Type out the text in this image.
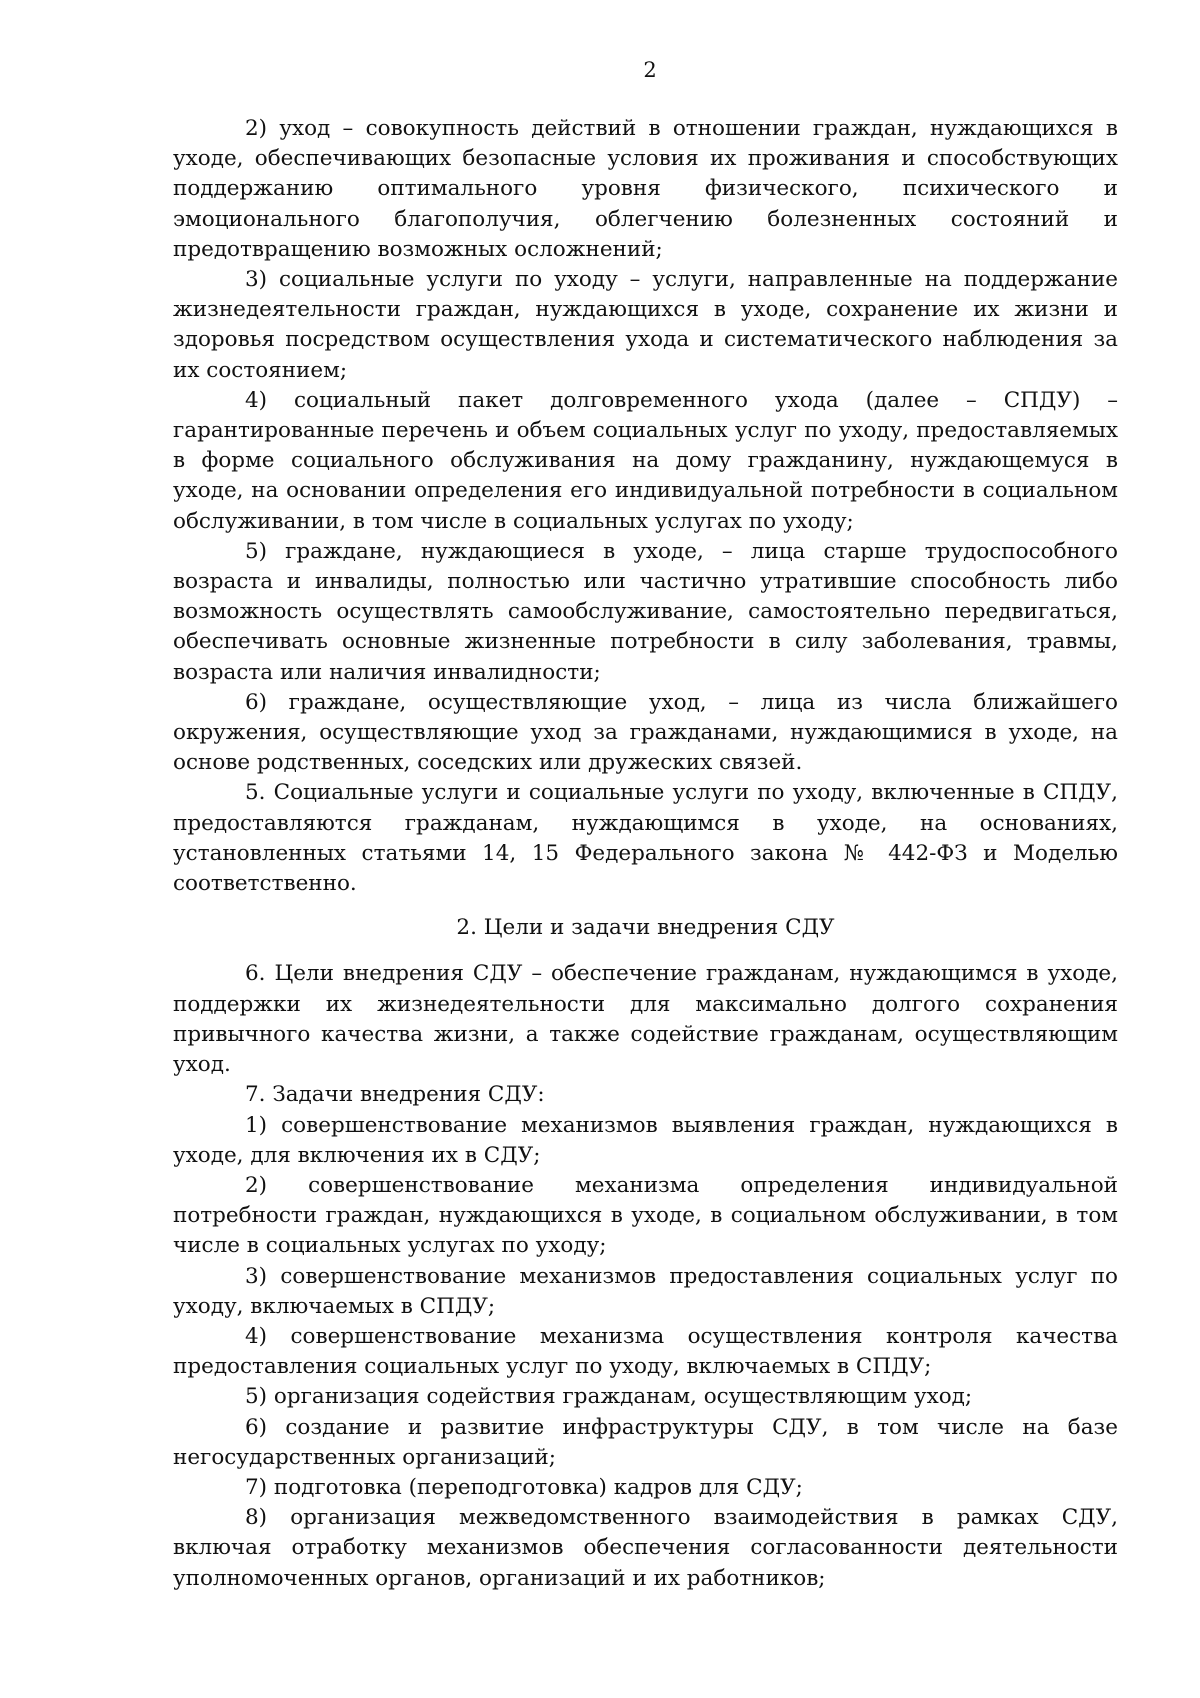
2

2) уход – совокупность действий в отношении граждан, нуждающихся в уходе, обеспечивающих безопасные условия их проживания и способствующих поддержанию оптимального уровня физического, психического и эмоционального благополучия, облегчению болезненных состояний и предотвращению возможных осложнений;

3) социальные услуги по уходу – услуги, направленные на поддержание жизнедеятельности граждан, нуждающихся в уходе, сохранение их жизни и здоровья посредством осуществления ухода и систематического наблюдения за их состоянием;

4) социальный пакет долговременного ухода (далее – СПДУ) – гарантированные перечень и объем социальных услуг по уходу, предоставляемых в форме социального обслуживания на дому гражданину, нуждающемуся в уходе, на основании определения его индивидуальной потребности в социальном обслуживании, в том числе в социальных услугах по уходу;

5) граждане, нуждающиеся в уходе, – лица старше трудоспособного возраста и инвалиды, полностью или частично утратившие способность либо возможность осуществлять самообслуживание, самостоятельно передвигаться, обеспечивать основные жизненные потребности в силу заболевания, травмы, возраста или наличия инвалидности;

6) граждане, осуществляющие уход, – лица из числа ближайшего окружения, осуществляющие уход за гражданами, нуждающимися в уходе, на основе родственных, соседских или дружеских связей.

5. Социальные услуги и социальные услуги по уходу, включенные в СПДУ, предоставляются гражданам, нуждающимся в уходе, на основаниях, установленных статьями 14, 15 Федерального закона № 442-ФЗ и Моделью соответственно.

2. Цели и задачи внедрения СДУ

6. Цели внедрения СДУ – обеспечение гражданам, нуждающимся в уходе, поддержки их жизнедеятельности для максимально долгого сохранения привычного качества жизни, а также содействие гражданам, осуществляющим уход.

7. Задачи внедрения СДУ:

1) совершенствование механизмов выявления граждан, нуждающихся в уходе, для включения их в СДУ;

2) совершенствование механизма определения индивидуальной потребности граждан, нуждающихся в уходе, в социальном обслуживании, в том числе в социальных услугах по уходу;

3) совершенствование механизмов предоставления социальных услуг по уходу, включаемых в СПДУ;

4) совершенствование механизма осуществления контроля качества предоставления социальных услуг по уходу, включаемых в СПДУ;

5) организация содействия гражданам, осуществляющим уход;

6) создание и развитие инфраструктуры СДУ, в том числе на базе негосударственных организаций;

7) подготовка (переподготовка) кадров для СДУ;

8) организация межведомственного взаимодействия в рамках СДУ, включая отработку механизмов обеспечения согласованности деятельности уполномоченных органов, организаций и их работников;
